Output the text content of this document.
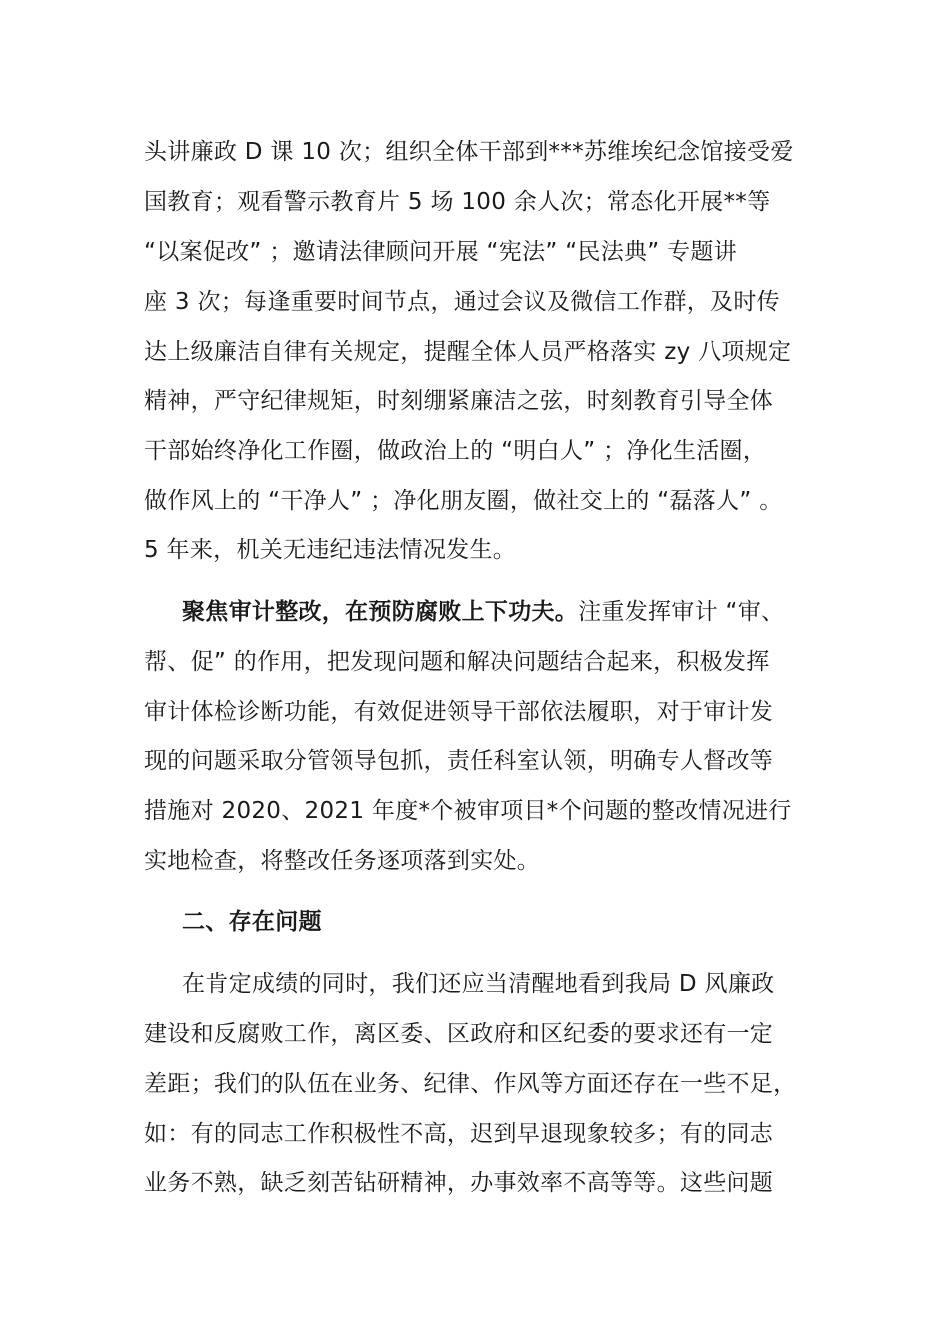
头讲廉政 D 课 10 次；组织全体干部到***苏维埃纪念馆接受爱
国教育；观看警示教育片 5 场 100 余人次；常态化开展**等
“以案促改” ；邀请法律顾问开展 “宪法” “民法典” 专题讲
座 3 次；每逢重要时间节点，通过会议及微信工作群，及时传
达上级廉洁自律有关规定，提醒全体人员严格落实 zy 八项规定
精神，严守纪律规矩，时刻绷紧廉洁之弦，时刻教育引导全体
干部始终净化工作圈，做政治上的 “明白人” ；净化生活圈，
做作风上的 “干净人” ；净化朋友圈，做社交上的 “磊落人” 。
5 年来，机关无违纪违法情况发生。
聚焦审计整改，在预防腐败上下功夫。注重发挥审计 “审、
帮、促” 的作用，把发现问题和解决问题结合起来，积极发挥
审计体检诊断功能，有效促进领导干部依法履职，对于审计发
现的问题采取分管领导包抓，责任科室认领，明确专人督改等
措施对 2020、2021 年度*个被审项目*个问题的整改情况进行
实地检查，将整改任务逐项落到实处。
二、存在问题
在肯定成绩的同时，我们还应当清醒地看到我局 D 风廉政
建设和反腐败工作，离区委、区政府和区纪委的要求还有一定
差距；我们的队伍在业务、纪律、作风等方面还存在一些不足，
如：有的同志工作积极性不高，迟到早退现象较多；有的同志
业务不熟，缺乏刻苦钻研精神，办事效率不高等等。这些问题
